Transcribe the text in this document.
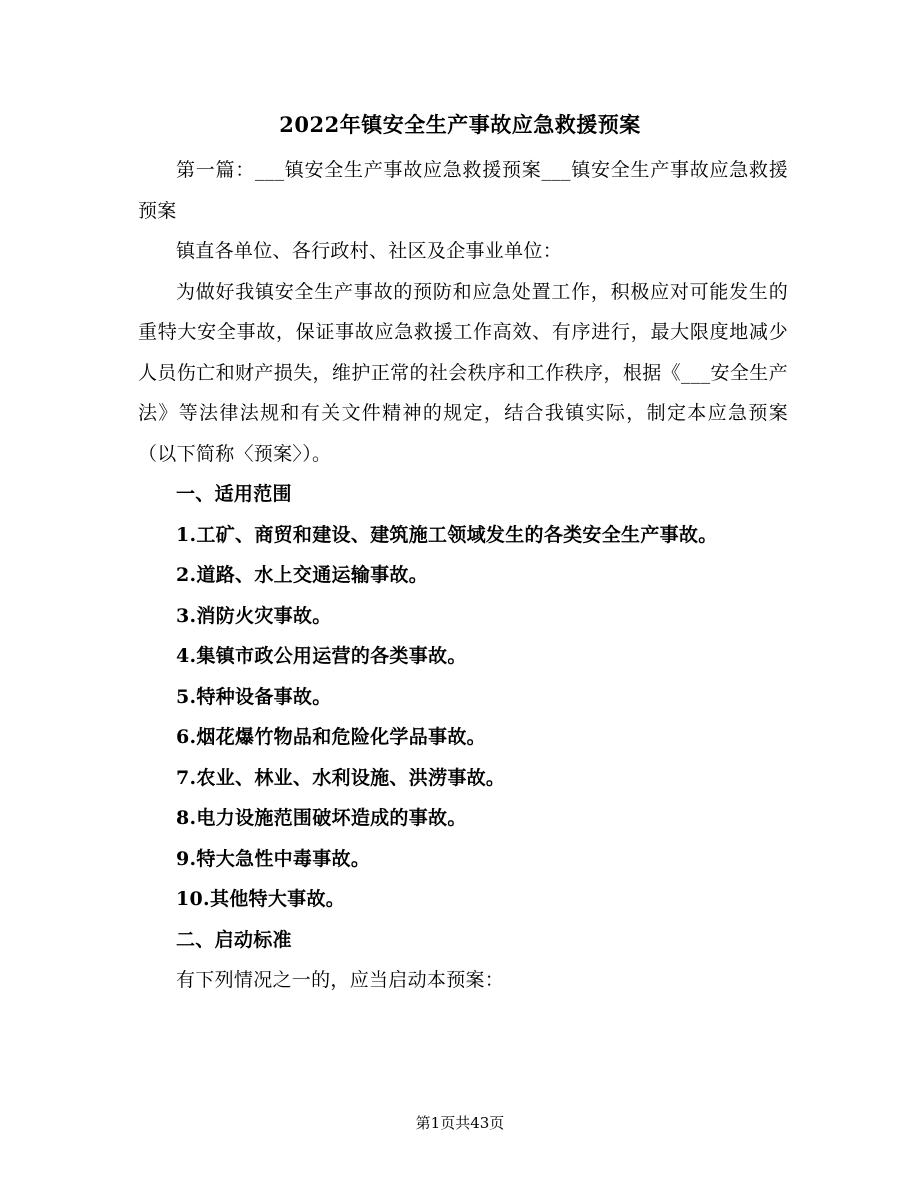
2022年镇安全生产事故应急救援预案

第一篇：___镇安全生产事故应急救援预案___镇安全生产事故应急救援预案

镇直各单位、各行政村、社区及企事业单位：

为做好我镇安全生产事故的预防和应急处置工作，积极应对可能发生的重特大安全事故，保证事故应急救援工作高效、有序进行，最大限度地减少人员伤亡和财产损失，维护正常的社会秩序和工作秩序，根据《___安全生产法》等法律法规和有关文件精神的规定，结合我镇实际，制定本应急预案（以下简称〈预案〉）。

一、适用范围

1.工矿、商贸和建设、建筑施工领域发生的各类安全生产事故。

2.道路、水上交通运输事故。

3.消防火灾事故。

4.集镇市政公用运营的各类事故。

5.特种设备事故。

6.烟花爆竹物品和危险化学品事故。

7.农业、林业、水利设施、洪涝事故。

8.电力设施范围破坏造成的事故。

9.特大急性中毒事故。

10.其他特大事故。

二、启动标准

有下列情况之一的，应当启动本预案：

第1页共43页
